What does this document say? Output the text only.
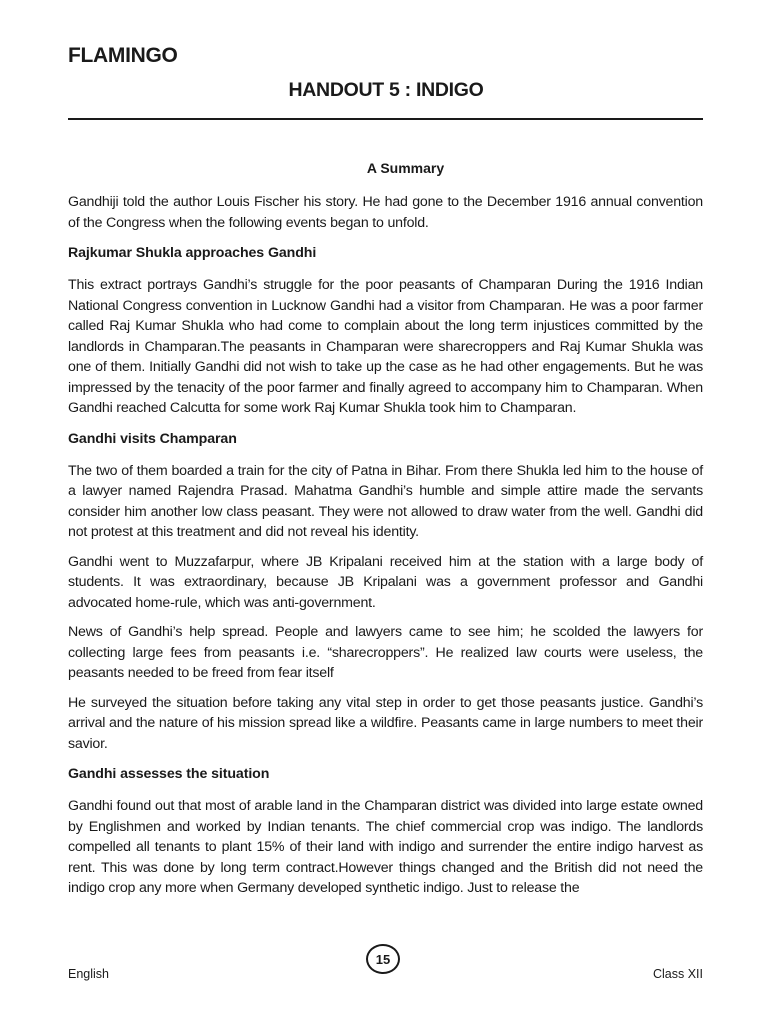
FLAMINGO
HANDOUT 5 : INDIGO
A Summary

Gandhiji told the author Louis Fischer his story. He had gone to the December 1916 annual convention of the Congress when the following events began to unfold.

Rajkumar Shukla approaches Gandhi

This extract portrays Gandhi’s struggle for the poor peasants of Champaran During the 1916 Indian National Congress convention in Lucknow Gandhi had a visitor from Champaran. He was a poor farmer called Raj Kumar Shukla who had come to complain about the long term injustices committed by the landlords in Champaran.The peasants in Champaran were sharecroppers and Raj Kumar Shukla was one of them. Initially Gandhi did not wish to take up the case as he had other engagements. But he was impressed by the tenacity of the poor farmer and finally agreed to accompany him to Champaran. When Gandhi reached Calcutta for some work Raj Kumar Shukla took him to Champaran.

Gandhi visits Champaran

The two of them boarded a train for the city of Patna in Bihar. From there Shukla led him to the house of a lawyer named Rajendra Prasad. Mahatma Gandhi’s humble and simple attire made the servants consider him another low class peasant. They were not allowed to draw water from the well. Gandhi did not protest at this treatment and did not reveal his identity.

Gandhi went to Muzzafarpur, where JB Kripalani received him at the station with a large body of students. It was extraordinary, because JB Kripalani was a government professor and Gandhi advocated home-rule, which was anti-government.

News of Gandhi’s help spread. People and lawyers came to see him; he scolded the lawyers for collecting large fees from peasants i.e. “sharecroppers”. He realized law courts were useless, the peasants needed to be freed from fear itself

He surveyed the situation before taking any vital step in order to get those peasants justice. Gandhi’s arrival and the nature of his mission spread like a wildfire. Peasants came in large numbers to meet their savior.

Gandhi assesses the situation

Gandhi found out that most of arable land in the Champaran district was divided into large estate owned by Englishmen and worked by Indian tenants. The chief commercial crop was indigo. The landlords compelled all tenants to plant 15% of their land with indigo and surrender the entire indigo harvest as rent. This was done by long term contract.However things changed and the British did not need the indigo crop any more when Germany developed synthetic indigo. Just to release the

English
15
Class XII
